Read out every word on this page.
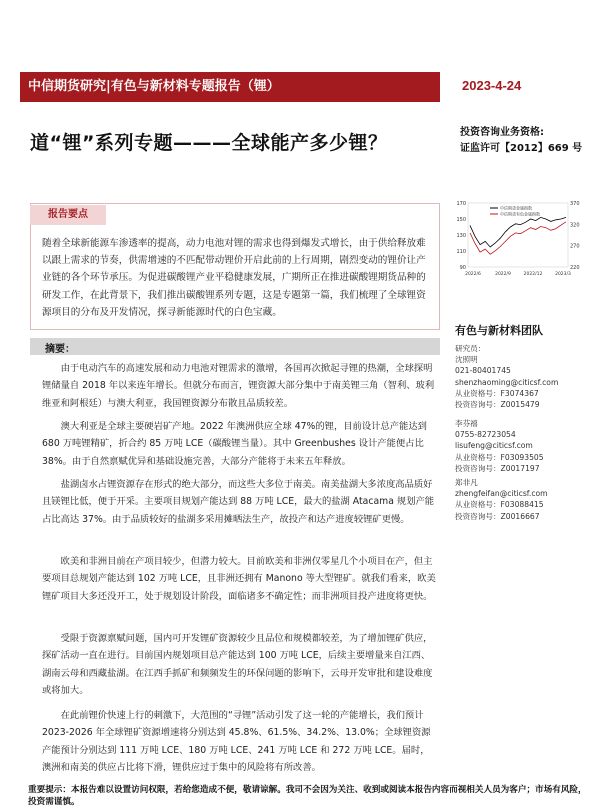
中信期货研究|有色与新材料专题报告（锂）	2023-4-24
道“锂”系列专题———全球能产多少锂？	投资咨询业务资格:
证监许可【2012】669 号
90
110
130
150
170
220
270
320
370
2022/6	2022/9	2022/12	2023/3
中信期货金属指数
中信期货有色金属指数
报告要点
随着全球新能源车渗透率的提高，动力电池对锂的需求也得到爆发式增长，由于供给释放难以跟上需求的节奏，供需增速的不匹配带动锂价开启此前的上行周期，剧烈变动的锂价让产业链的各个环节承压。为促进碳酸锂产业平稳健康发展，广期所正在推进碳酸锂期货品种的研发工作，在此背景下，我们推出碳酸锂系列专题，这是专题第一篇，我们梳理了全球锂资源项目的分布及开发情况，探寻新能源时代的白色宝藏。
摘要：
由于电动汽车的高速发展和动力电池对锂需求的激增，各国再次掀起寻锂的热潮，全球探明锂储量自 2018 年以来连年增长。但就分布而言，锂资源大部分集中于南美锂三角（智利、玻利维亚和阿根廷）与澳大利亚，我国锂资源分布散且品质较差。
澳大利亚是全球主要硬岩矿产地。2022 年澳洲供应全球 47%的锂，目前设计总产能达到 680 万吨锂精矿，折合约 85 万吨 LCE（碳酸锂当量）。其中 Greenbushes 设计产能便占比 38%。由于自然禀赋优异和基础设施完善，大部分产能将于未来五年释放。
盐湖卤水占锂资源存在形式的绝大部分，而这些大多位于南美。南美盐湖大多浓度高品质好且镁锂比低，便于开采。主要项目规划产能达到 88 万吨 LCE，最大的盐湖 Atacama 规划产能占比高达 37%。由于品质较好的盐湖多采用摊晒法生产，故投产和达产进度较锂矿更慢。
欧美和非洲目前在产项目较少，但潜力较大。目前欧美和非洲仅零星几个小项目在产，但主要项目总规划产能达到 102 万吨 LCE，且非洲还拥有 Manono 等大型锂矿。就我们看来，欧美锂矿项目大多还没开工，处于规划设计阶段，面临诸多不确定性；而非洲项目投产进度将更快。
受限于资源禀赋问题，国内可开发锂矿资源较少且品位和规模都较差，为了增加锂矿供应，探矿活动一直在进行。目前国内规划项目总产能达到 100 万吨 LCE，后续主要增量来自江西、湖南云母和西藏盐湖。在江西手抓矿和频频发生的环保问题的影响下，云母开发审批和建设难度或将加大。
在此前锂价快速上行的刺激下，大范围的“寻锂”活动引发了这一轮的产能增长，我们预计 2023-2026 年全球锂矿资源增速将分别达到 45.8%、61.5%、34.2%、13.0%；全球锂资源产能预计分别达到 111 万吨 LCE、180 万吨 LCE、241 万吨 LCE 和 272 万吨 LCE。届时，澳洲和南美的供应占比将下滑，锂供应过于集中的风险将有所改善。
有色与新材料团队
研究员：
沈照明
021-80401745
shenzhaoming@citicsf.com
从业资格号：F3074367
投资咨询号：Z0015479
李芬禧
0755-82723054
lisufeng@citicsf.com
从业资格号：F03093505
投资咨询号：Z0017197
郑非凡
zhengfeifan@citicsf.com
从业资格号：F03088415
投资咨询号：Z0016667
重要提示：本报告难以设置访问权限，若给您造成不便，敬请谅解。我司不会因为关注、收到或阅读本报告内容而视相关人员为客户；市场有风险，投资需谨慎。
